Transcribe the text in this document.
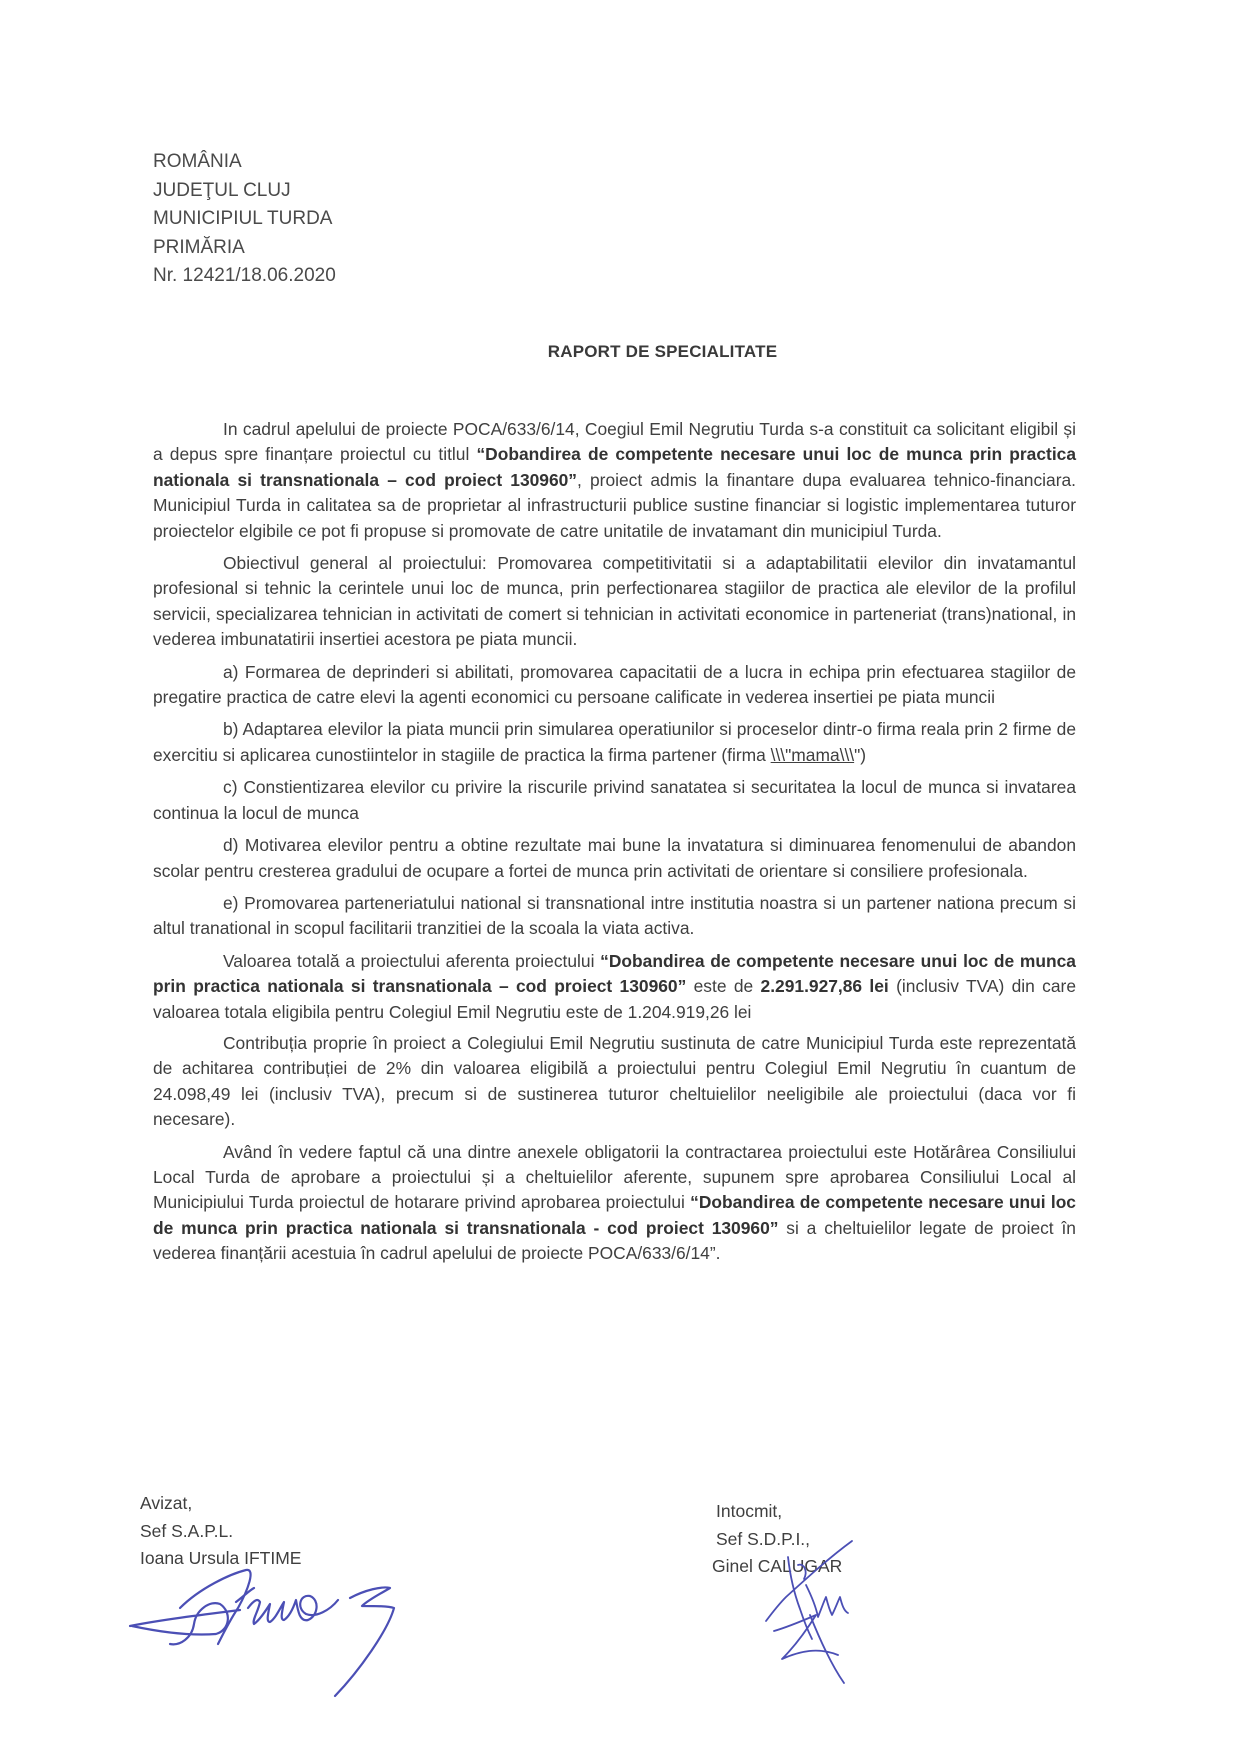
ROMÂNIA
JUDEŢUL CLUJ
MUNICIPIUL TURDA
PRIMĂRIA
Nr. 12421/18.06.2020
RAPORT DE SPECIALITATE

In cadrul apelului de proiecte POCA/633/6/14, Coegiul Emil Negrutiu Turda s-a constituit ca solicitant eligibil și a depus spre finanțare proiectul cu titlul “Dobandirea de competente necesare unui loc de munca prin practica nationala si transnationala – cod proiect 130960”, proiect admis la finantare dupa evaluarea tehnico-financiara. Municipiul Turda in calitatea sa de proprietar al infrastructurii publice sustine financiar si logistic implementarea tuturor proiectelor elgibile ce pot fi propuse si promovate de catre unitatile de invatamant din municipiul Turda.

Obiectivul general al proiectului: Promovarea competitivitatii si a adaptabilitatii elevilor din invatamantul profesional si tehnic la cerintele unui loc de munca, prin perfectionarea stagiilor de practica ale elevilor de la profilul servicii, specializarea tehnician in activitati de comert si tehnician in activitati economice in parteneriat (trans)national, in vederea imbunatatirii insertiei acestora pe piata muncii.

a) Formarea de deprinderi si abilitati, promovarea capacitatii de a lucra in echipa prin efectuarea stagiilor de pregatire practica de catre elevi la agenti economici cu persoane calificate in vederea insertiei pe piata muncii

b) Adaptarea elevilor la piata muncii prin simularea operatiunilor si proceselor dintr-o firma reala prin 2 firme de exercitiu si aplicarea cunostiintelor in stagiile de practica la firma partener (firma \\\"mama\\\")

c) Constientizarea elevilor cu privire la riscurile privind sanatatea si securitatea la locul de munca si invatarea continua la locul de munca

d) Motivarea elevilor pentru a obtine rezultate mai bune la invatatura si diminuarea fenomenului de abandon scolar pentru cresterea gradului de ocupare a fortei de munca prin activitati de orientare si consiliere profesionala.

e) Promovarea parteneriatului national si transnational intre institutia noastra si un partener nationa precum si altul tranational in scopul facilitarii tranzitiei de la scoala la viata activa.

Valoarea totală a proiectului aferenta proiectului “Dobandirea de competente necesare unui loc de munca prin practica nationala si transnationala – cod proiect 130960” este de 2.291.927,86 lei (inclusiv TVA) din care valoarea totala eligibila pentru Colegiul Emil Negrutiu este de 1.204.919,26 lei

Contribuția proprie în proiect a Colegiului Emil Negrutiu sustinuta de catre Municipiul Turda este reprezentată de achitarea contribuției de 2% din valoarea eligibilă a proiectului pentru Colegiul Emil Negrutiu în cuantum de 24.098,49 lei (inclusiv TVA), precum si de sustinerea tuturor cheltuielilor neeligibile ale proiectului (daca vor fi necesare).

Având în vedere faptul că una dintre anexele obligatorii la contractarea proiectului este Hotărârea Consiliului Local Turda de aprobare a proiectului și a cheltuielilor aferente, supunem spre aprobarea Consiliului Local al Municipiului Turda proiectul de hotarare privind aprobarea proiectului “Dobandirea de competente necesare unui loc de munca prin practica nationala si transnationala - cod proiect 130960” si a cheltuielilor legate de proiect în vederea finanțării acestuia în cadrul apelului de proiecte POCA/633/6/14”.

Avizat,
Sef S.A.P.L.
Ioana Ursula IFTIME
Intocmit,
Sef S.D.P.I.,
Ginel CALUGAR
